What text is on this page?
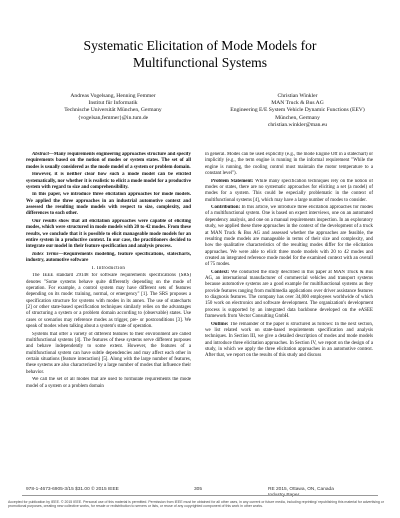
Systematic Elicitation of Mode Models for
Multifunctional Systems
Andreas Vogelsang, Henning Femmer
Institut für Informatik
Technische Universität München, Germany
{vogelsan,femmer}@in.tum.de
Christian Winkler
MAN Truck & Bus AG
Engineering E/E System Vehicle Dynamic Functions (EEV)
München, Germany
christian.winkler@man.eu

Abstract—Many requirements engineering approaches structure and specify requirements based on the notion of modes or system states. The set of all modes is usually considered as the mode model of a system or problem domain.

However, it is neither clear how such a mode model can be elicited systematically, nor whether it is realistic to elicit a mode model for a productive system with regard to size and comprehensibility.

In this paper, we introduce three elicitation approaches for mode models. We applied the three approaches in an industrial automotive context and assessed the resulting mode models with respect to size, complexity, and differences to each other.

Our results show that all elicitation approaches were capable of eliciting modes, which were structured in mode models with 20 to 42 modes. From these results, we conclude that it is possible to elicit manageable mode models for an entire system in a productive context. In our case, the practitioners decided to integrate our model in their feature specification and analysis process.

Index Terms—Requirements modeling, feature specifications, statecharts, industry, automotive software

I. Introduction

The IEEE standard 29148 for software requirements specifications (SRS) denotes "Some systems behave quite differently depending on the mode of operation. For example, a control system may have different sets of features depending on its mode: training, normal, or emergency" [1]. The SRS proposes a specification structure for systems with modes in its annex. The use of statecharts [2] or other state-based specification techniques similarly relies on the advantages of structuring a system or a problem domain according to (observable) states. Use cases or scenarios may reference modes as trigger, pre- or postconditions [3]. We speak of modes when talking about a system's state of operation.

Systems that offer a variety of different features to their environment are called multifunctional systems [4]. The features of these systems serve different purposes and behave independently to some extent. However, the features of a multifunctional system can have subtle dependencies and may affect each other in certain situations (feature interaction) [5]. Along with the large number of features, these systems are also characterized by a large number of modes that influence their behavior.

We call the set of all modes that are used to formulate requirements the mode model of a system or a problem domain

in general. Modes can be used explicitly (e.g., the mode Engine Off in a statechart) or implicitly (e.g., the term engine is running in the informal requirement "While the engine is running, the cooling control must maintain the motor temperature to a constant level").

Problem Statement: While many specification techniques rely on the notion of modes or states, there are no systematic approaches for eliciting a set (a model) of modes for a system. This could be especially problematic in the context of multifunctional systems [4], which may have a large number of modes to consider.

Contribution: In this article, we introduce three elicitation approaches for modes of a multifunctional system. One is based on expert interviews, one on an automated dependency analysis, and one on a manual requirements inspection. In an exploratory study, we applied these three approaches in the context of the development of a truck at MAN Truck & Bus AG and assessed whether the approaches are feasible, the resulting mode models are manageable in terms of their size and complexity, and how the qualitative characteristics of the resulting modes differ for the elicitation approaches. We were able to elicit three mode models with 20 to 42 modes and created an integrated reference mode model for the examined context with an overall of 75 modes.

Context: We conducted the study described in this paper at MAN Truck & Bus AG, an international manufacturer of commercial vehicles and transport systems because automotive systems are a good example for multifunctional systems as they provide features ranging from multimedia applications over driver assistance features to diagnosis features. The company has over 34,000 employees worldwide of which 150 work on electronics and software development. The organization's development process is supported by an integrated data backbone developed on the eASEE framework from Vector Consulting GmbH.

Outline: The remainder of the paper is structured as follows: In the next section, we list related work on state-based requirements specification and analysis techniques. In Section III, we give a detailed description of modes and mode models and introduce three elicitation approaches. In Section IV, we report on the design of a study, in which we apply the three elicitation approaches in an automotive context. After that, we report on the results of this study and discuss

978-1-4673-6905-3/15 $31.00 © 2015 IEEE	305	RE 2015, Ottawa, ON, Canada
Industry Paper
Accepted for publication by IEEE. © 2015 IEEE. Personal use of this material is permitted. Permission from IEEE must be obtained for all other uses, in any current or future media, including reprinting/ republishing this material for advertising or promotional purposes, creating new collective works, for resale or redistribution to servers or lists, or reuse of any copyrighted component of this work in other works.
